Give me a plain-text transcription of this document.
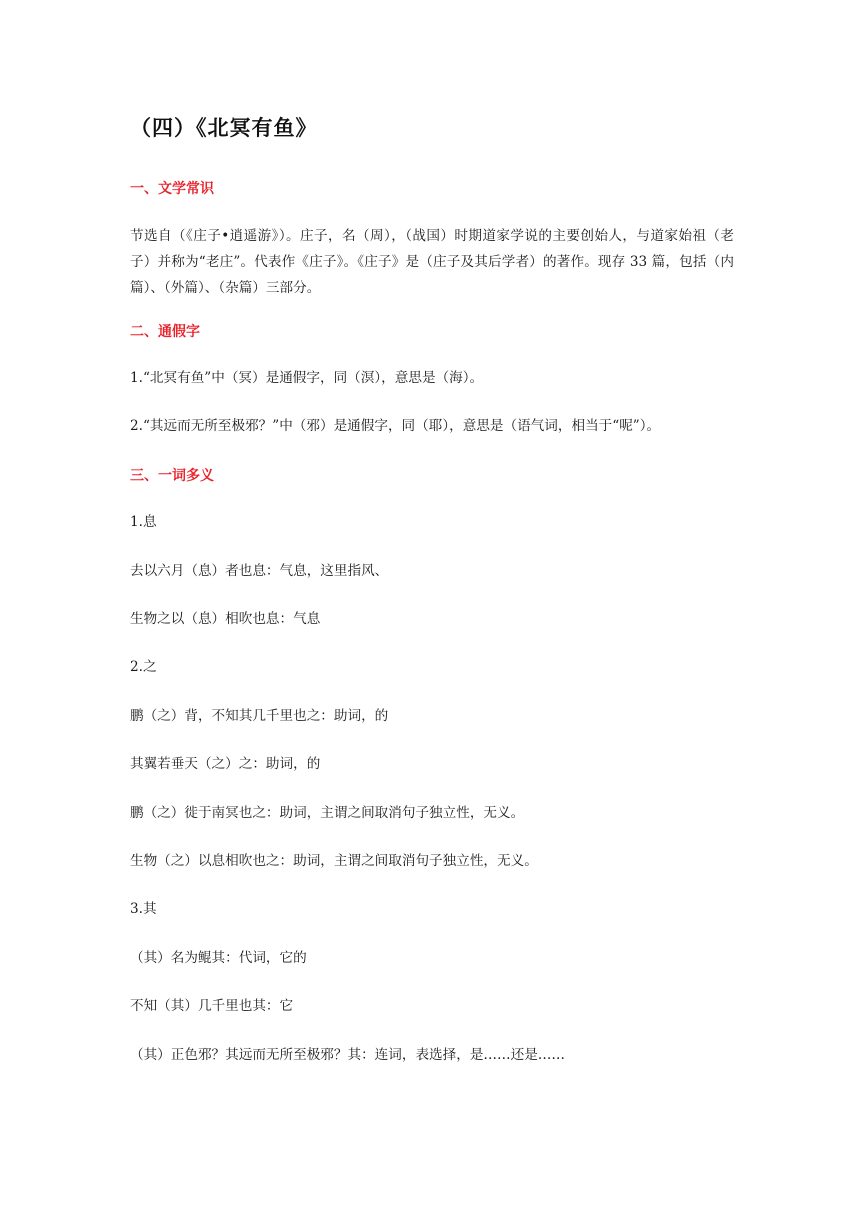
（四）《北冥有鱼》
一、文学常识

节选自（《庄子•逍遥游》）。庄子，名（周），（战国）时期道家学说的主要创始人，与道家始祖（老子）并称为“老庄”。代表作《庄子》。《庄子》是（庄子及其后学者）的著作。现存 33 篇，包括（内篇）、（外篇）、（杂篇）三部分。

二、通假字

1.“北冥有鱼”中（冥）是通假字，同（溟），意思是（海）。

2.“其远而无所至极邪？”中（邪）是通假字，同（耶），意思是（语气词，相当于“呢”）。

三、一词多义

1.息

去以六月（息）者也息：气息，这里指风、

生物之以（息）相吹也息：气息

2.之

鹏（之）背，不知其几千里也之：助词，的

其翼若垂天（之）之：助词，的

鹏（之）徙于南冥也之：助词，主谓之间取消句子独立性，无义。

生物（之）以息相吹也之：助词，主谓之间取消句子独立性，无义。

3.其

（其）名为鲲其：代词，它的

不知（其）几千里也其：它

（其）正色邪？其远而无所至极邪？其：连词，表选择，是……还是……
